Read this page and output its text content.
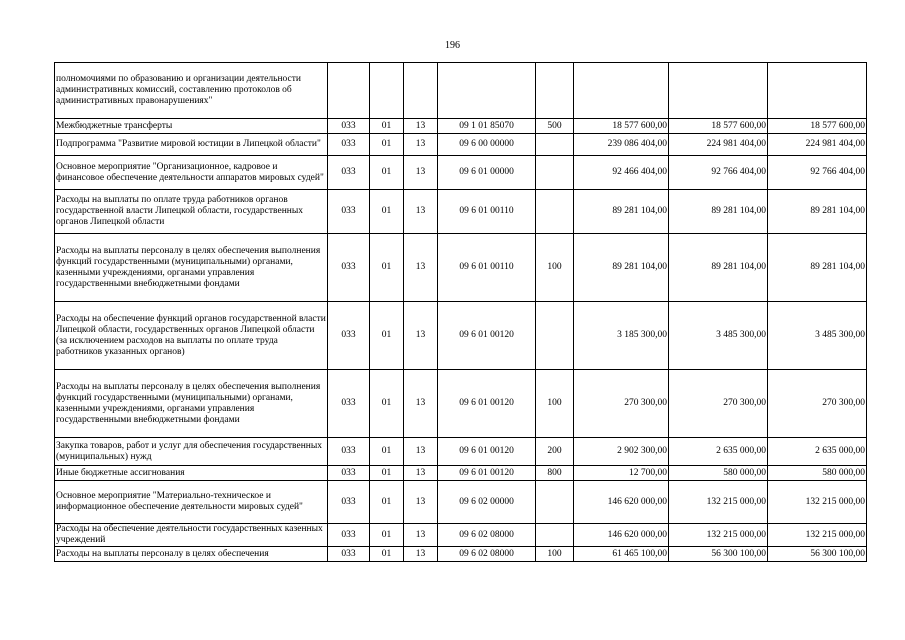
196
полномочиями по образованию и организации деятельности административных комиссий, составлению протоколов об административных правонарушениях"								
Межбюджетные трансферты	033	01	13	09 1 01 85070	500	18 577 600,00	18 577 600,00	18 577 600,00
Подпрограмма "Развитие мировой юстиции в Липецкой области"	033	01	13	09 6 00 00000		239 086 404,00	224 981 404,00	224 981 404,00
Основное мероприятие "Организационное, кадровое и финансовое обеспечение деятельности аппаратов мировых судей"	033	01	13	09 6 01 00000		92 466 404,00	92 766 404,00	92 766 404,00
Расходы на выплаты по оплате труда работников органов государственной власти Липецкой области, государственных органов Липецкой области	033	01	13	09 6 01 00110		89 281 104,00	89 281 104,00	89 281 104,00
Расходы на выплаты персоналу в целях обеспечения выполнения функций государственными (муниципальными) органами, казенными учреждениями, органами управления государственными внебюджетными фондами	033	01	13	09 6 01 00110	100	89 281 104,00	89 281 104,00	89 281 104,00
Расходы на обеспечение функций органов государственной власти Липецкой области, государственных органов Липецкой области (за исключением расходов на выплаты по оплате труда работников указанных органов)	033	01	13	09 6 01 00120		3 185 300,00	3 485 300,00	3 485 300,00
Расходы на выплаты персоналу в целях обеспечения выполнения функций государственными (муниципальными) органами, казенными учреждениями, органами управления государственными внебюджетными фондами	033	01	13	09 6 01 00120	100	270 300,00	270 300,00	270 300,00
Закупка товаров, работ и услуг для обеспечения государственных (муниципальных) нужд	033	01	13	09 6 01 00120	200	2 902 300,00	2 635 000,00	2 635 000,00
Иные бюджетные ассигнования	033	01	13	09 6 01 00120	800	12 700,00	580 000,00	580 000,00
Основное мероприятие "Материально-техническое и информационное обеспечение деятельности мировых судей"	033	01	13	09 6 02 00000		146 620 000,00	132 215 000,00	132 215 000,00
Расходы на обеспечение деятельности государственных казенных учреждений	033	01	13	09 6 02 08000		146 620 000,00	132 215 000,00	132 215 000,00
Расходы на выплаты персоналу в целях обеспечения	033	01	13	09 6 02 08000	100	61 465 100,00	56 300 100,00	56 300 100,00
